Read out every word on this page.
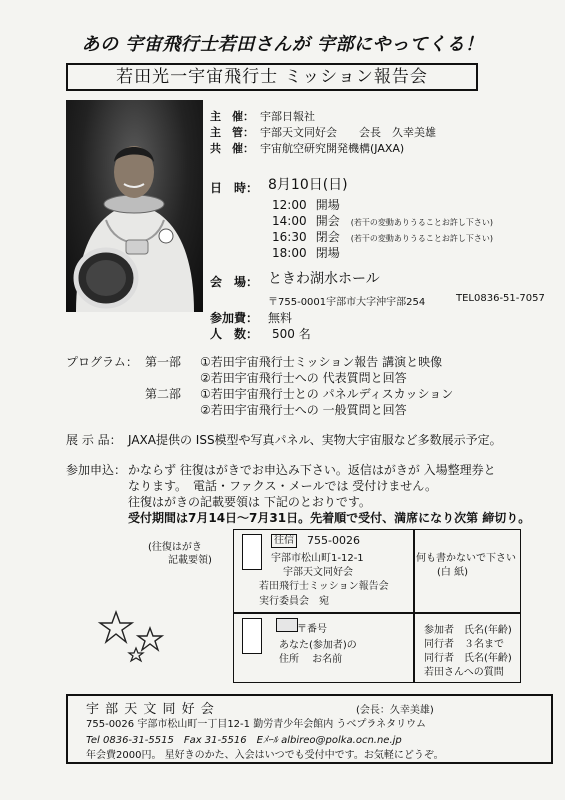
あの 宇宙飛行士若田さんが 宇部にやってくる！
若田光一宇宙飛行士 ミッション報告会
主　催： 宇部日報社
主　管： 宇部天文同好会　　会長　久幸美雄
共　催： 宇宙航空研究開発機構(JAXA)
日　時： 8月10日(日)
12:00 開場
14:00 開会 (若干の変動ありうることお許し下さい)
16:30 閉会 (若干の変動ありうることお許し下さい)
18:00 閉場
会　場： ときわ湖水ホール
〒755-0001宇部市大字沖宇部254	TEL0836-51-7057
参加費： 無料
人　数： 500 名
プログラム： 第一部 ①若田宇宙飛行士ミッション報告 講演と映像
②若田宇宙飛行士への 代表質問と回答
第二部 ①若田宇宙飛行士との パネルディスカッション
②若田宇宙飛行士への 一般質問と回答
展 示 品： JAXA提供の ISS模型や写真パネル、実物大宇宙服など多数展示予定。
参加申込： かならず 往復はがきでお申込み下さい。返信はがきが 入場整理券と
なります。　電話・ファクス・メールでは 受付けません。
往復はがきの記載要領は 下記のとおりです。
受付期間は7月14日〜7月31日。先着順で受付、満席になり次第 締切り。
(往復はがき
記載要領)
往信 755-0026
宇部市松山町1-12-1
宇部天文同好会
若田飛行士ミッション報告会
実行委員会　宛
何も書かないで下さい
(白 紙)
〒番号
あなた(参加者)の
住所　 お名前
参加者　氏名(年齢)
同行者　３名まで
同行者　氏名(年齢)
若田さんへの質問
宇 部 天 文 同 好 会	(会長：久幸美雄)
755-0026 宇部市松山町一丁目12-1 勤労青少年会館内 うべプラネタリウム
Tel 0836-31-5515　Fax 31-5516　Eﾒｰﾙ albireo@polka.ocn.ne.jp
年会費2000円。 星好きのかた、入会はいつでも受付中です。お気軽にどうぞ。
